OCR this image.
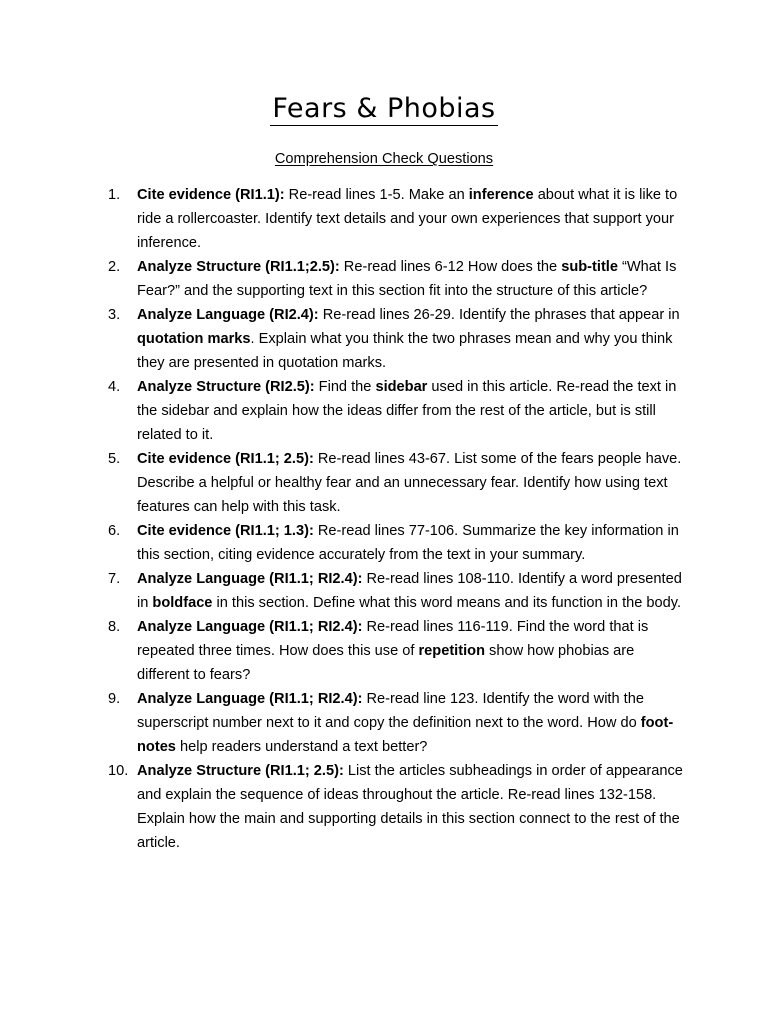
Fears & Phobias
Comprehension Check Questions
1. Cite evidence (RI1.1): Re-read lines 1-5. Make an inference about what it is like to ride a rollercoaster. Identify text details and your own experiences that support your inference.
2. Analyze Structure (RI1.1;2.5): Re-read lines 6-12 How does the sub-title “What Is Fear?” and the supporting text in this section fit into the structure of this article?
3. Analyze Language (RI2.4): Re-read lines 26-29. Identify the phrases that appear in quotation marks. Explain what you think the two phrases mean and why you think they are presented in quotation marks.
4. Analyze Structure (RI2.5): Find the sidebar used in this article. Re-read the text in the sidebar and explain how the ideas differ from the rest of the article, but is still related to it.
5. Cite evidence (RI1.1; 2.5): Re-read lines 43-67. List some of the fears people have. Describe a helpful or healthy fear and an unnecessary fear. Identify how using text features can help with this task.
6. Cite evidence (RI1.1; 1.3): Re-read lines 77-106. Summarize the key information in this section, citing evidence accurately from the text in your summary.
7. Analyze Language (RI1.1; RI2.4): Re-read lines 108-110. Identify a word presented in boldface in this section. Define what this word means and its function in the body.
8. Analyze Language (RI1.1; RI2.4): Re-read lines 116-119. Find the word that is repeated three times. How does this use of repetition show how phobias are different to fears?
9. Analyze Language (RI1.1; RI2.4): Re-read line 123. Identify the word with the superscript number next to it and copy the definition next to the word. How do foot-notes help readers understand a text better?
10. Analyze Structure (RI1.1; 2.5): List the articles subheadings in order of appearance and explain the sequence of ideas throughout the article. Re-read lines 132-158. Explain how the main and supporting details in this section connect to the rest of the article.
